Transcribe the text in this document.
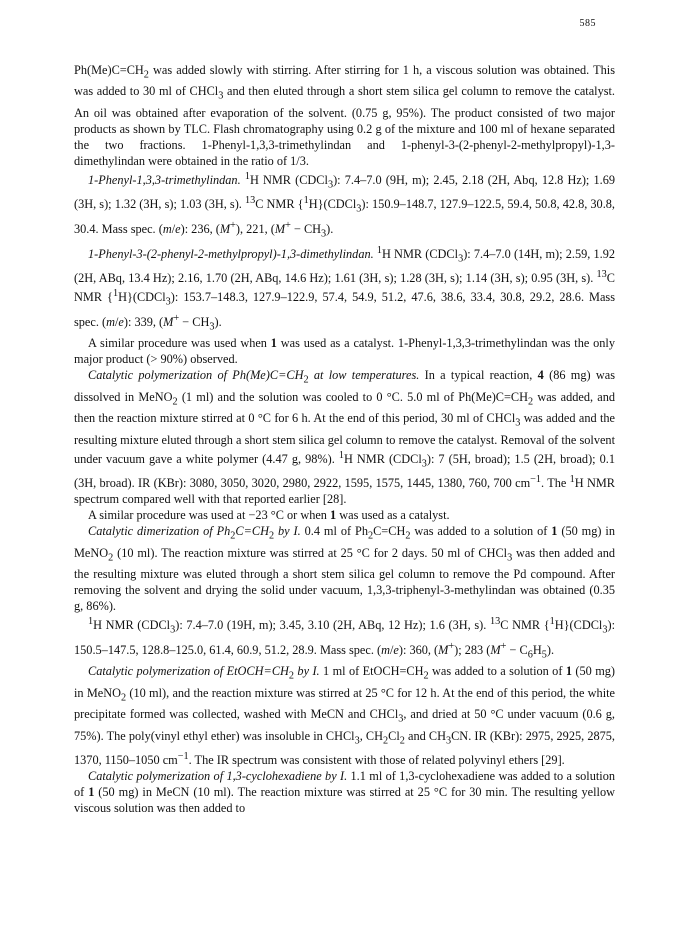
585

$Ph(Me)C=CH_2$ was added slowly with stirring. After stirring for 1 h, a viscous solution was obtained. This was added to 30 ml of CHCl$_3$ and then eluted through a short stem silica gel column to remove the catalyst. An oil was obtained after evaporation of the solvent. (0.75 g, 95%). The product consisted of two major products as shown by TLC. Flash chromatography using 0.2 g of the mixture and 100 ml of hexane separated the two fractions. 1-Phenyl-1,3,3-trimethylindan and 1-phenyl-3-(2-phenyl-2-methylpropyl)-1,3-dimethylindan were obtained in the ratio of 1/3.

1-Phenyl-1,3,3-trimethylindan. $^1$H NMR (CDCl$_3$): 7.4–7.0 (9H, m); 2.45, 2.18 (2H, Abq, 12.8 Hz); 1.69 (3H, s); 1.32 (3H, s); 1.03 (3H, s). $^{13}$C NMR {$^1$H}(CDCl$_3$): 150.9–148.7, 127.9–122.5, 59.4, 50.8, 42.8, 30.8, 30.4. Mass spec. (m/e): 236, (M+), 221, $(M^+ - CH_3)$.

1-Phenyl-3-(2-phenyl-2-methylpropyl)-1,3-dimethylindan. $^1$H NMR (CDCl$_3$): 7.4–7.0 (14H, m); 2.59, 1.92 (2H, ABq, 13.4 Hz); 2.16, 1.70 (2H, ABq, 14.6 Hz); 1.61 (3H, s); 1.28 (3H, s); 1.14 (3H, s); 0.95 (3H, s). $^{13}$C NMR {$^1$H}(CDCl$_3$): 153.7–148.3, 127.9–122.9, 57.4, 54.9, 51.2, 47.6, 38.6, 33.4, 30.8, 29.2, 28.6. Mass spec. (m/e): 339, $(M^+ - CH_3)$.

A similar procedure was used when 1 was used as a catalyst. 1-Phenyl-1,3,3-trimethylindan was the only major product (> 90%) observed.

Catalytic polymerization of $Ph(Me)C=CH_2$ at low temperatures. In a typical reaction, 4 (86 mg) was dissolved in MeNO$_2$ (1 ml) and the solution was cooled to 0 °C. 5.0 ml of $Ph(Me)C=CH_2$ was added, and then the reaction mixture stirred at 0 °C for 6 h. At the end of this period, 30 ml of CHCl$_3$ was added and the resulting mixture eluted through a short stem silica gel column to remove the catalyst. Removal of the solvent under vacuum gave a white polymer (4.47 g, 98%). $^1$H NMR (CDCl$_3$): 7 (5H, broad); 1.5 (2H, broad); 0.1 (3H, broad). IR (KBr): 3080, 3050, 3020, 2980, 2922, 1595, 1575, 1445, 1380, 760, 700 $cm^{-1}$. The $^1$H NMR spectrum compared well with that reported earlier [28].

A similar procedure was used at −23 °C or when 1 was used as a catalyst.

Catalytic dimerization of $Ph_2C=CH_2$ by I. 0.4 ml of $Ph_2C=CH_2$ was added to a solution of 1 (50 mg) in MeNO$_2$ (10 ml). The reaction mixture was stirred at 25 °C for 2 days. 50 ml of CHCl$_3$ was then added and the resulting mixture was eluted through a short stem silica gel column to remove the Pd compound. After removing the solvent and drying the solid under vacuum, 1,3,3-triphenyl-3-methylindan was obtained (0.35 g, 86%).

$^1$H NMR (CDCl$_3$): 7.4–7.0 (19H, m); 3.45, 3.10 (2H, ABq, 12 Hz); 1.6 (3H, s). $^{13}$C NMR {$^1$H}(CDCl$_3$): 150.5–147.5, 128.8–125.0, 61.4, 60.9, 51.2, 28.9. Mass spec. (m/e): 360, (M+); 283 $(M^+ - C_6H_5)$.

Catalytic polymerization of $EtOCH=CH_2$ by I. 1 ml of $EtOCH=CH_2$ was added to a solution of 1 (50 mg) in MeNO$_2$ (10 ml), and the reaction mixture was stirred at 25 °C for 12 h. At the end of this period, the white precipitate formed was collected, washed with MeCN and CHCl$_3$, and dried at 50 °C under vacuum (0.6 g, 75%). The poly(vinyl ethyl ether) was insoluble in CHCl$_3$, $CH_2Cl_2$ and $CH_3CN$. IR (KBr): 2975, 2925, 2875, 1370, 1150–1050 $cm^{-1}$. The IR spectrum was consistent with those of related polyvinyl ethers [29].

Catalytic polymerization of 1,3-cyclohexadiene by I. 1.1 ml of 1,3-cyclohexadiene was added to a solution of 1 (50 mg) in MeCN (10 ml). The reaction mixture was stirred at 25 °C for 30 min. The resulting yellow viscous solution was then added to
